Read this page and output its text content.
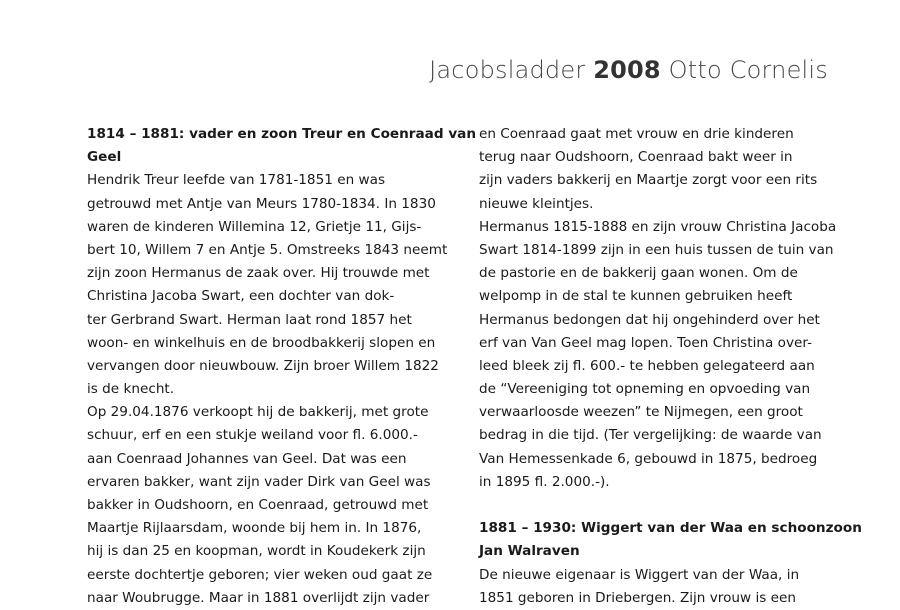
Jacobsladder 2008 Otto Cornelis
1814 – 1881: vader en zoon Treur en Coenraad van
Geel
Hendrik Treur leefde van 1781-1851 en was
getrouwd met Antje van Meurs 1780-1834. In 1830
waren de kinderen Willemina 12, Grietje 11, Gijs-
bert 10, Willem 7 en Antje 5. Omstreeks 1843 neemt
zijn zoon Hermanus de zaak over. Hij trouwde met
Christina Jacoba Swart, een dochter van dok-
ter Gerbrand Swart. Herman laat rond 1857 het
woon- en winkelhuis en de broodbakkerij slopen en
vervangen door nieuwbouw. Zijn broer Willem 1822
is de knecht.
Op 29.04.1876 verkoopt hij de bakkerij, met grote
schuur, erf en een stukje weiland voor fl. 6.000.-
aan Coenraad Johannes van Geel. Dat was een
ervaren bakker, want zijn vader Dirk van Geel was
bakker in Oudshoorn, en Coenraad, getrouwd met
Maartje Rijlaarsdam, woonde bij hem in. In 1876,
hij is dan 25 en koopman, wordt in Koudekerk zijn
eerste dochtertje geboren; vier weken oud gaat ze
naar Woubrugge. Maar in 1881 overlijdt zijn vader
en Coenraad gaat met vrouw en drie kinderen
terug naar Oudshoorn, Coenraad bakt weer in
zijn vaders bakkerij en Maartje zorgt voor een rits
nieuwe kleintjes.
Hermanus 1815-1888 en zijn vrouw Christina Jacoba
Swart 1814-1899 zijn in een huis tussen de tuin van
de pastorie en de bakkerij gaan wonen. Om de
welpomp in de stal te kunnen gebruiken heeft
Hermanus bedongen dat hij ongehinderd over het
erf van Van Geel mag lopen. Toen Christina over-
leed bleek zij fl. 600.- te hebben gelegateerd aan
de “Vereeniging tot opneming en opvoeding van
verwaarloosde weezen” te Nijmegen, een groot
bedrag in die tijd. (Ter vergelijking: de waarde van
Van Hemessenkade 6, gebouwd in 1875, bedroeg
in 1895 fl. 2.000.-).
1881 – 1930: Wiggert van der Waa en schoonzoon
Jan Walraven
De nieuwe eigenaar is Wiggert van der Waa, in
1851 geboren in Driebergen. Zijn vrouw is een
